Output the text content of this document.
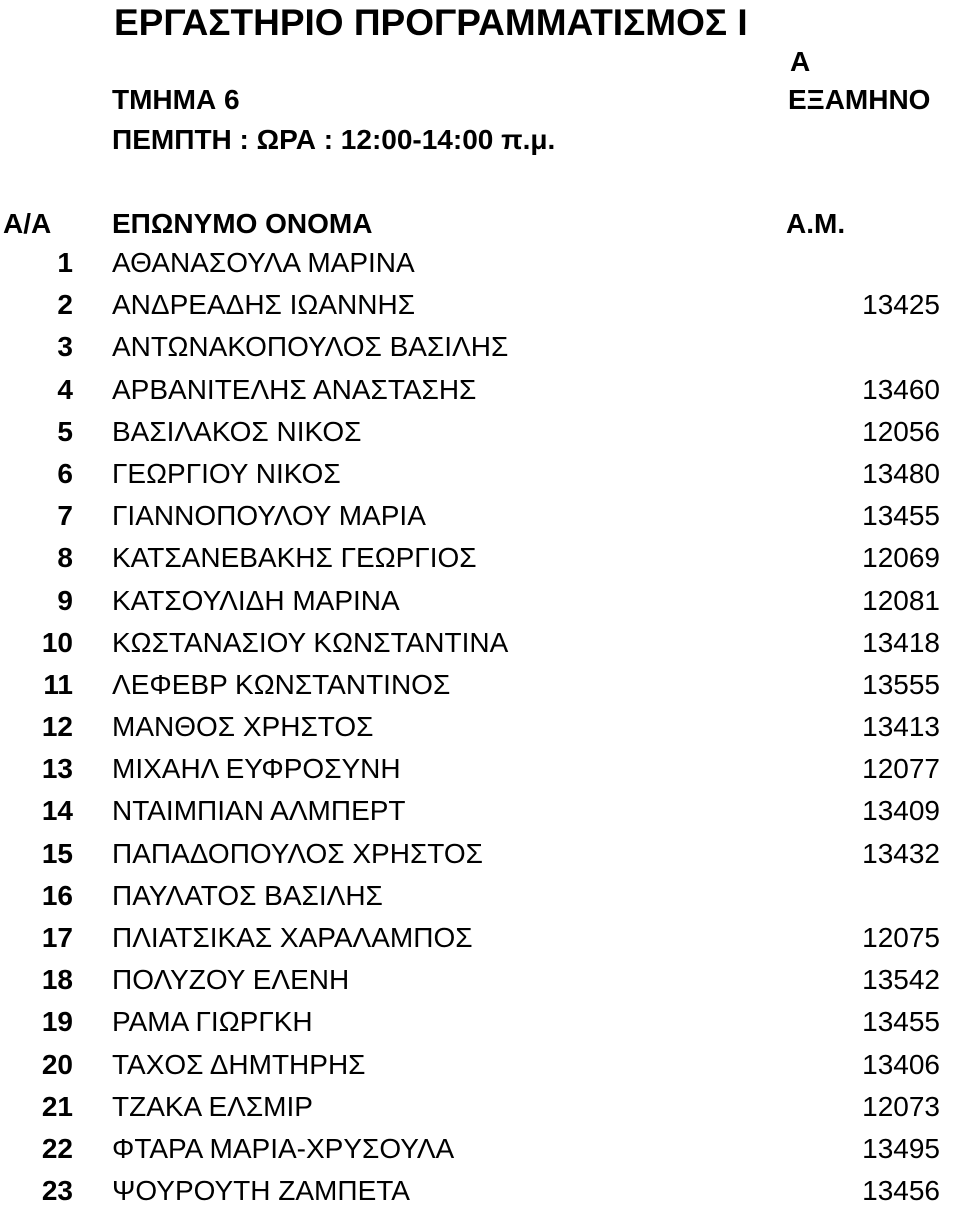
ΕΡΓΑΣΤΗΡΙΟ ΠΡΟΓΡΑΜΜΑΤΙΣΜΟΣ Ι
Α
ΤΜΗΜΑ 6	ΕΞΑΜΗΝΟ
ΠΕΜΠΤΗ : ΩΡΑ : 12:00-14:00 π.μ.
Α/Α ΕΠΩΝΥΜΟ ΟΝΟΜΑ	Α.Μ.
1 ΑΘΑΝΑΣΟΥΛΑ ΜΑΡΙΝΑ
2 ΑΝΔΡΕΑΔΗΣ ΙΩΑΝΝΗΣ	13425
3 ΑΝΤΩΝΑΚΟΠΟΥΛΟΣ ΒΑΣΙΛΗΣ
4 ΑΡΒΑΝΙΤΕΛΗΣ ΑΝΑΣΤΑΣΗΣ	13460
5 ΒΑΣΙΛΑΚΟΣ ΝΙΚΟΣ	12056
6 ΓΕΩΡΓΙΟΥ ΝΙΚΟΣ	13480
7 ΓΙΑΝΝΟΠΟΥΛΟΥ ΜΑΡΙΑ	13455
8 ΚΑΤΣΑΝΕΒΑΚΗΣ ΓΕΩΡΓΙΟΣ	12069
9 ΚΑΤΣΟΥΛΙΔΗ ΜΑΡΙΝΑ	12081
10 ΚΩΣΤΑΝΑΣΙΟΥ ΚΩΝΣΤΑΝΤΙΝΑ	13418
11 ΛΕΦΕΒΡ ΚΩΝΣΤΑΝΤΙΝΟΣ	13555
12 ΜΑΝΘΟΣ ΧΡΗΣΤΟΣ	13413
13 ΜΙΧΑΗΛ ΕΥΦΡΟΣΥΝΗ	12077
14 ΝΤΑΙΜΠΙΑΝ ΑΛΜΠΕΡΤ	13409
15 ΠΑΠΑΔΟΠΟΥΛΟΣ ΧΡΗΣΤΟΣ	13432
16 ΠΑΥΛΑΤΟΣ ΒΑΣΙΛΗΣ
17 ΠΛΙΑΤΣΙΚΑΣ ΧΑΡΑΛΑΜΠΟΣ	12075
18 ΠΟΛΥΖΟΥ ΕΛΕΝΗ	13542
19 ΡΑΜΑ ΓΙΩΡΓΚΗ	13455
20 ΤΑΧΟΣ ΔΗΜΤΗΡΗΣ	13406
21 ΤΖΑΚΑ ΕΛΣΜΙΡ	12073
22 ΦΤΑΡΑ ΜΑΡΙΑ-ΧΡΥΣΟΥΛΑ	13495
23 ΨΟΥΡΟΥΤΗ ΖΑΜΠΕΤΑ	13456
